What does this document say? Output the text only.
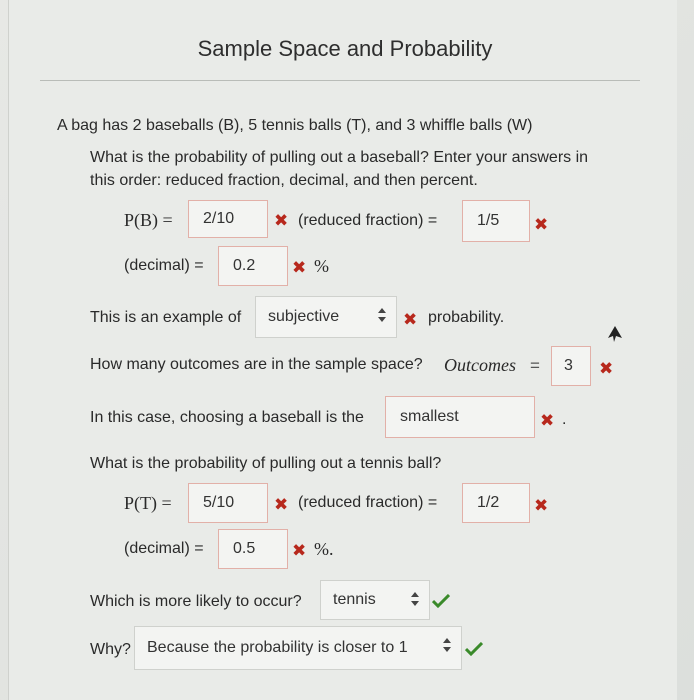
Sample Space and Probability
A bag has 2 baseballs (B), 5 tennis balls (T), and 3 whiffle balls (W)
What is the probability of pulling out a baseball? Enter your answers in
this order: reduced fraction, decimal, and then percent.
P(B) =	2/10	✖ (reduced fraction) =	1/5	✖
(decimal) =	0.2	✖ %
This is an example of subjective	✖ probability.
How many outcomes are in the sample space? Outcomes =	3	✖
In this case, choosing a baseball is the	smallest	✖ .
What is the probability of pulling out a tennis ball?
P(T) =	5/10	✖ (reduced fraction) =	1/2	✖
(decimal) =	0.5	✖ %.
Which is more likely to occur? tennis
Why? Because the probability is closer to 1
